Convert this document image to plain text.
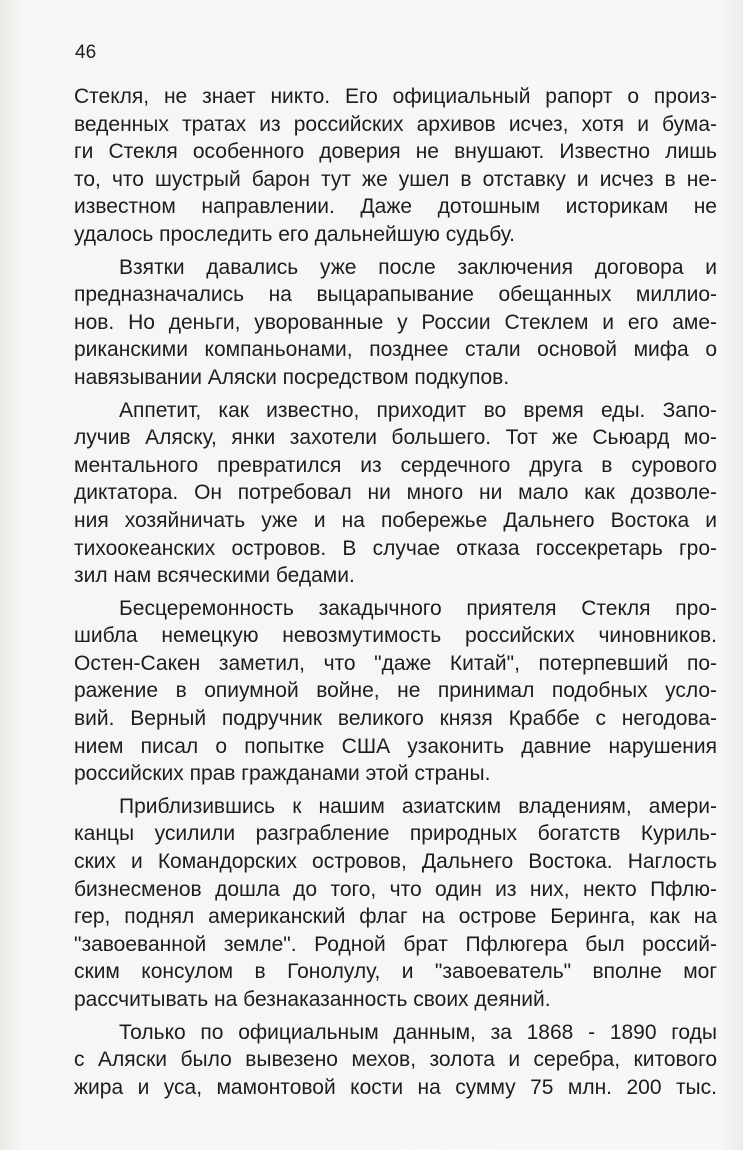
46
Стекля, не знает никто. Его официальный рапорт о произ-
веденных тратах из российских архивов исчез, хотя и бума-
ги Стекля особенного доверия не внушают. Известно лишь
то, что шустрый барон тут же ушел в отставку и исчез в не-
известном направлении. Даже дотошным историкам не
удалось проследить его дальнейшую судьбу.
Взятки давались уже после заключения договора и
предназначались на выцарапывание обещанных миллио-
нов. Но деньги, уворованные у России Стеклем и его аме-
риканскими компаньонами, позднее стали основой мифа о
навязывании Аляски посредством подкупов.
Аппетит, как известно, приходит во время еды. Запо-
лучив Аляску, янки захотели большего. Тот же Сьюард мо-
ментального превратился из сердечного друга в сурового
диктатора. Он потребовал ни много ни мало как дозволе-
ния хозяйничать уже и на побережье Дальнего Востока и
тихоокеанских островов. В случае отказа госсекретарь гро-
зил нам всяческими бедами.
Бесцеремонность закадычного приятеля Стекля про-
шибла немецкую невозмутимость российских чиновников.
Остен-Сакен заметил, что "даже Китай", потерпевший по-
ражение в опиумной войне, не принимал подобных усло-
вий. Верный подручник великого князя Краббе с негодова-
нием писал о попытке США узаконить давние нарушения
российских прав гражданами этой страны.
Приблизившись к нашим азиатским владениям, амери-
канцы усилили разграбление природных богатств Куриль-
ских и Командорских островов, Дальнего Востока. Наглость
бизнесменов дошла до того, что один из них, некто Пфлю-
гер, поднял американский флаг на острове Беринга, как на
"завоеванной земле". Родной брат Пфлюгера был россий-
ским консулом в Гонолулу, и "завоеватель" вполне мог
рассчитывать на безнаказанность своих деяний.
Только по официальным данным, за 1868 - 1890 годы
с Аляски было вывезено мехов, золота и серебра, китового
жира и уса, мамонтовой кости на сумму 75 млн. 200 тыс.
